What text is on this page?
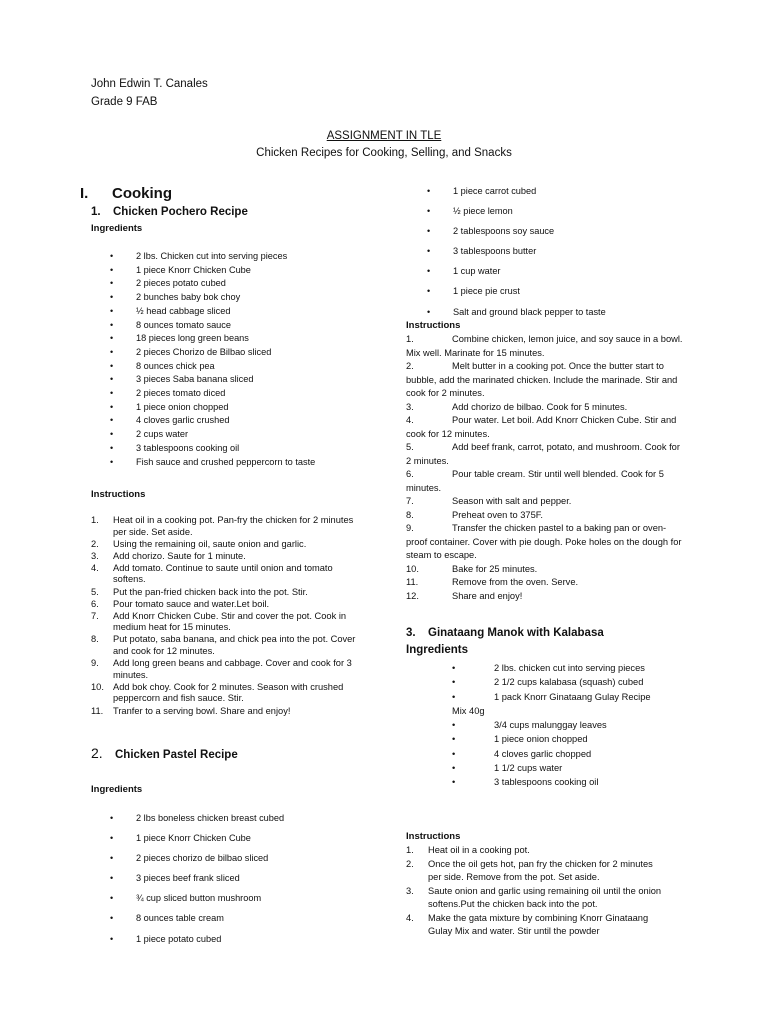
John Edwin T. Canales
Grade 9 FAB
ASSIGNMENT IN TLE
Chicken Recipes for Cooking, Selling, and Snacks
I. Cooking
1. Chicken Pochero Recipe
Ingredients
• 2 lbs. Chicken cut into serving pieces
• 1 piece Knorr Chicken Cube
• 2 pieces potato cubed
• 2 bunches baby bok choy
• ½ head cabbage sliced
• 8 ounces tomato sauce
• 18 pieces long green beans
• 2 pieces Chorizo de Bilbao sliced
• 8 ounces chick pea
• 3 pieces Saba banana sliced
• 2 pieces tomato diced
• 1 piece onion chopped
• 4 cloves garlic crushed
• 2 cups water
• 3 tablespoons cooking oil
• Fish sauce and crushed peppercorn to taste
Instructions
1. Heat oil in a cooking pot. Pan-fry the chicken for 2 minutes per side. Set aside.
2. Using the remaining oil, saute onion and garlic.
3. Add chorizo. Saute for 1 minute.
4. Add tomato. Continue to saute until onion and tomato softens.
5. Put the pan-fried chicken back into the pot. Stir.
6. Pour tomato sauce and water.Let boil.
7. Add Knorr Chicken Cube. Stir and cover the pot. Cook in medium heat for 15 minutes.
8. Put potato, saba banana, and chick pea into the pot. Cover and cook for 12 minutes.
9. Add long green beans and cabbage. Cover and cook for 3 minutes.
10. Add bok choy. Cook for 2 minutes. Season with crushed peppercorn and fish sauce. Stir.
11. Tranfer to a serving bowl. Share and enjoy!
2. Chicken Pastel Recipe
Ingredients
• 2 lbs boneless chicken breast cubed
• 1 piece Knorr Chicken Cube
• 2 pieces chorizo de bilbao sliced
• 3 pieces beef frank sliced
• ¾ cup sliced button mushroom
• 8 ounces table cream
• 1 piece potato cubed
• 1 piece carrot cubed
• ½ piece lemon
• 2 tablespoons soy sauce
• 3 tablespoons butter
• 1 cup water
• 1 piece pie crust
• Salt and ground black pepper to taste
Instructions
1.	Combine chicken, lemon juice, and soy sauce in a bowl. Mix well. Marinate for 15 minutes.
2.	Melt butter in a cooking pot. Once the butter start to bubble, add the marinated chicken. Include the marinade. Stir and cook for 2 minutes.
3.	Add chorizo de bilbao. Cook for 5 minutes.
4.	Pour water. Let boil. Add Knorr Chicken Cube. Stir and cook for 12 minutes.
5.	Add beef frank, carrot, potato, and mushroom. Cook for 2 minutes.
6.	Pour table cream. Stir until well blended. Cook for 5 minutes.
7.	Season with salt and pepper.
8.	Preheat oven to 375F.
9.	Transfer the chicken pastel to a baking pan or oven-proof container. Cover with pie dough. Poke holes on the dough for steam to escape.
10.	Bake for 25 minutes.
11.	Remove from the oven. Serve.
12.	Share and enjoy!
3. Ginataang Manok with Kalabasa
Ingredients
• 2 lbs. chicken cut into serving pieces
• 2 1/2 cups kalabasa (squash) cubed
• 1 pack Knorr Ginataang Gulay Recipe
Mix 40g
• 3/4 cups malunggay leaves
• 1 piece onion chopped
• 4 cloves garlic chopped
• 1 1/2 cups water
• 3 tablespoons cooking oil
Instructions
1. Heat oil in a cooking pot.
2. Once the oil gets hot, pan fry the chicken for 2 minutes per side. Remove from the pot. Set aside.
3. Saute onion and garlic using remaining oil until the onion softens.Put the chicken back into the pot.
4. Make the gata mixture by combining Knorr Ginataang Gulay Mix and water. Stir until the powder
